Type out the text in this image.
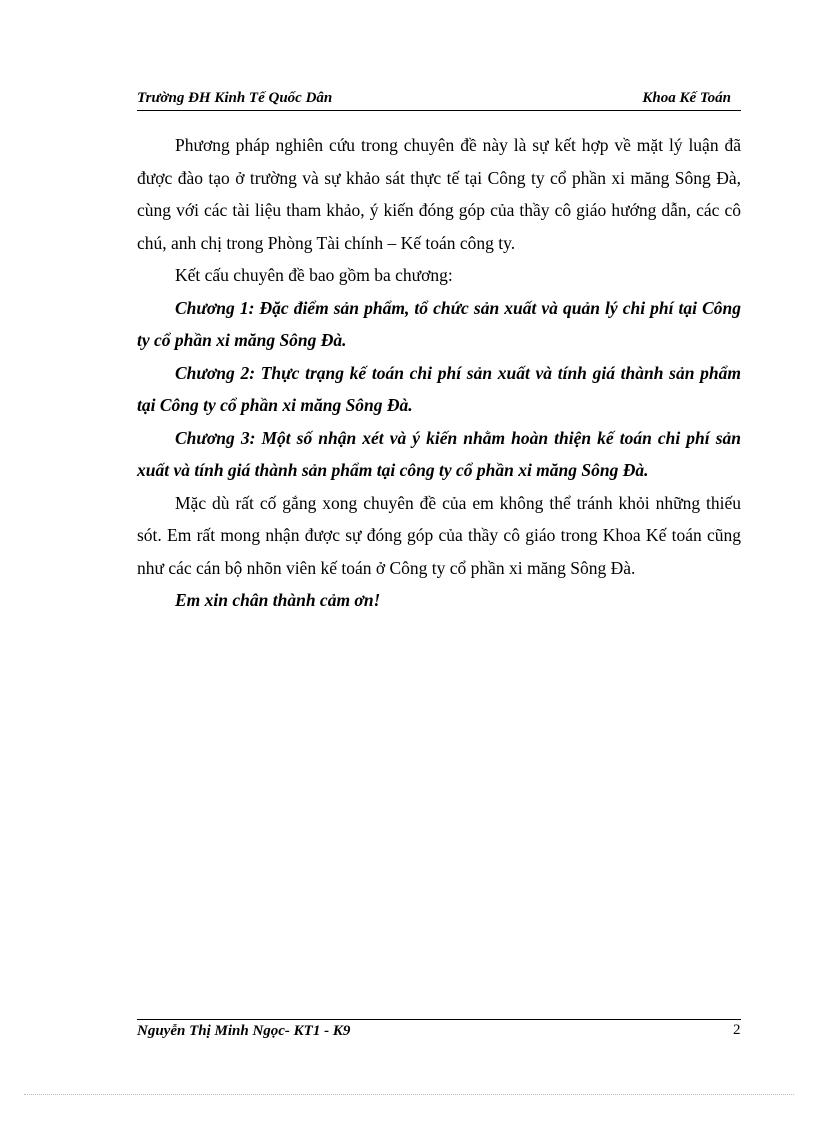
Trường ĐH Kinh Tế Quốc Dân	Khoa Kế Toán

Phương pháp nghiên cứu trong chuyên đề này là sự kết hợp về mặt lý luận đã được đào tạo ở trường và sự khảo sát thực tế tại Công ty cổ phần xi măng Sông Đà, cùng với các tài liệu tham khảo, ý kiến đóng góp của thầy cô giáo hướng dẫn, các cô chú, anh chị trong Phòng Tài chính – Kế toán công ty.

Kết cấu chuyên đề bao gồm ba chương:

Chương 1: Đặc điểm sản phẩm, tổ chức sản xuất và quản lý chi phí tại Công ty cổ phần xi măng Sông Đà.

Chương 2: Thực trạng kế toán chi phí sản xuất và tính giá thành sản phẩm tại Công ty cổ phần xi măng Sông Đà.

Chương 3: Một số nhận xét và ý kiến nhằm hoàn thiện kế toán chi phí sản xuất và tính giá thành sản phẩm tại công ty cổ phần xi măng Sông Đà.

Mặc dù rất cố gắng xong chuyên đề của em không thể tránh khỏi những thiếu sót. Em rất mong nhận được sự đóng góp của thầy cô giáo trong Khoa Kế toán cũng như các cán bộ nhõn viên kế toán ở Công ty cổ phần xi măng Sông Đà.

Em xin chân thành cảm ơn!

Nguyễn Thị Minh Ngọc- KT1 - K9	2
